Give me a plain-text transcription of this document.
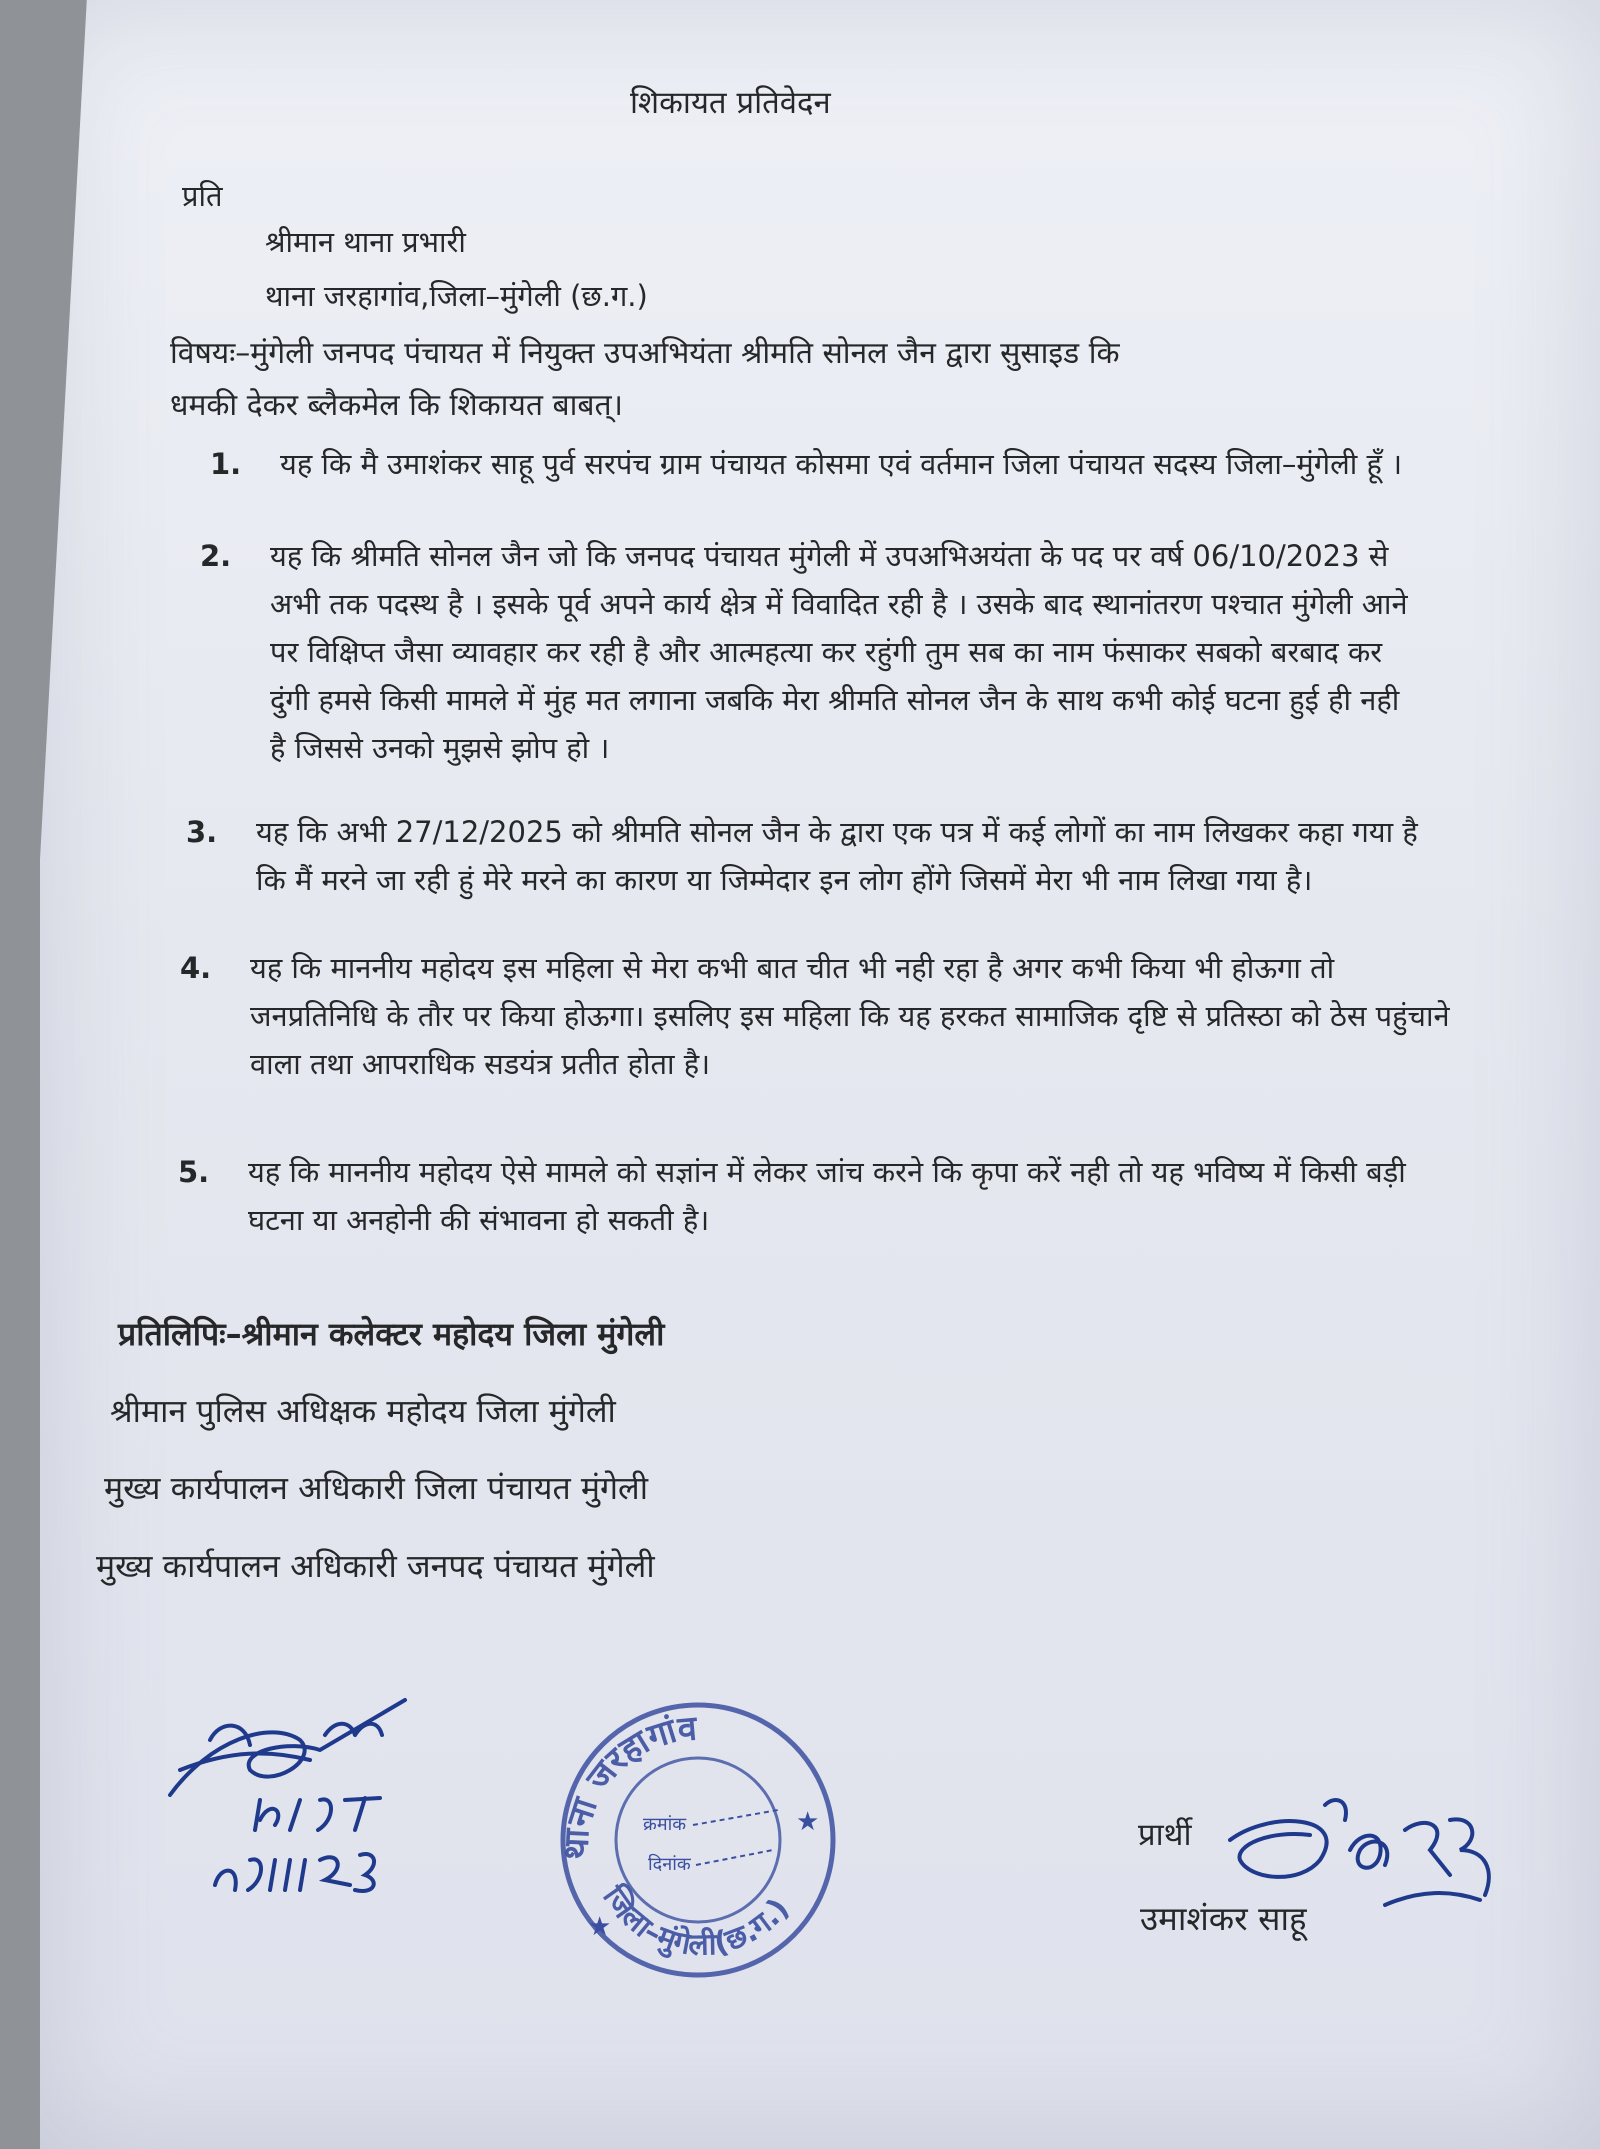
शिकायत प्रतिवेदन
प्रति
श्रीमान थाना प्रभारी
थाना जरहागांव,जिला–मुंगेली (छ.ग.)
विषयः–मुंगेली जनपद पंचायत में नियुक्त उपअभियंता श्रीमति सोनल जैन द्वारा सुसाइड कि
धमकी देकर ब्लैकमेल कि शिकायत बाबत्।
1. यह कि मै उमाशंकर साहू पुर्व सरपंच ग्राम पंचायत कोसमा एवं वर्तमान जिला पंचायत सदस्य जिला–मुंगेली हूँ ।
2. यह कि श्रीमति सोनल जैन जो कि जनपद पंचायत मुंगेली में उपअभिअयंता के पद पर वर्ष 06/10/2023 से अभी तक पदस्थ है । इसके पूर्व अपने कार्य क्षेत्र में विवादित रही है । उसके बाद स्थानांतरण पश्चात मुंगेली आने पर विक्षिप्त जैसा व्यावहार कर रही है और आत्महत्या कर रहुंगी तुम सब का नाम फंसाकर सबको बरबाद कर दुंगी हमसे किसी मामले में मुंह मत लगाना जबकि मेरा श्रीमति सोनल जैन के साथ कभी कोई घटना हुई ही नही है जिससे उनको मुझसे झोप हो ।
3. यह कि अभी 27/12/2025 को श्रीमति सोनल जैन के द्वारा एक पत्र में कई लोगों का नाम लिखकर कहा गया है कि मैं मरने जा रही हुं मेरे मरने का कारण या जिम्मेदार इन लोग होंगे जिसमें मेरा भी नाम लिखा गया है।
4. यह कि माननीय महोदय इस महिला से मेरा कभी बात चीत भी नही रहा है अगर कभी किया भी होऊगा तो जनप्रतिनिधि के तौर पर किया होऊगा। इसलिए इस महिला कि यह हरकत सामाजिक दृष्टि से प्रतिस्ठा को ठेस पहुंचाने वाला तथा आपराधिक सडयंत्र प्रतीत होता है।
5. यह कि माननीय महोदय ऐसे मामले को सज्ञांन में लेकर जांच करने कि कृपा करें नही तो यह भविष्य में किसी बड़ी घटना या अनहोनी की संभावना हो सकती है।
प्रतिलिपिः–श्रीमान कलेक्टर महोदय जिला मुंगेली
श्रीमान पुलिस अधिक्षक महोदय जिला मुंगेली
मुख्य कार्यपालन अधिकारी जिला पंचायत मुंगेली
मुख्य कार्यपालन अधिकारी जनपद पंचायत मुंगेली
29/12/25
थाना जरहागांव
जिला–मुंगेली(छ.ग.)
क्रमांक
दिनांक
★
★	प्रार्थी
उमाशंकर साहू
